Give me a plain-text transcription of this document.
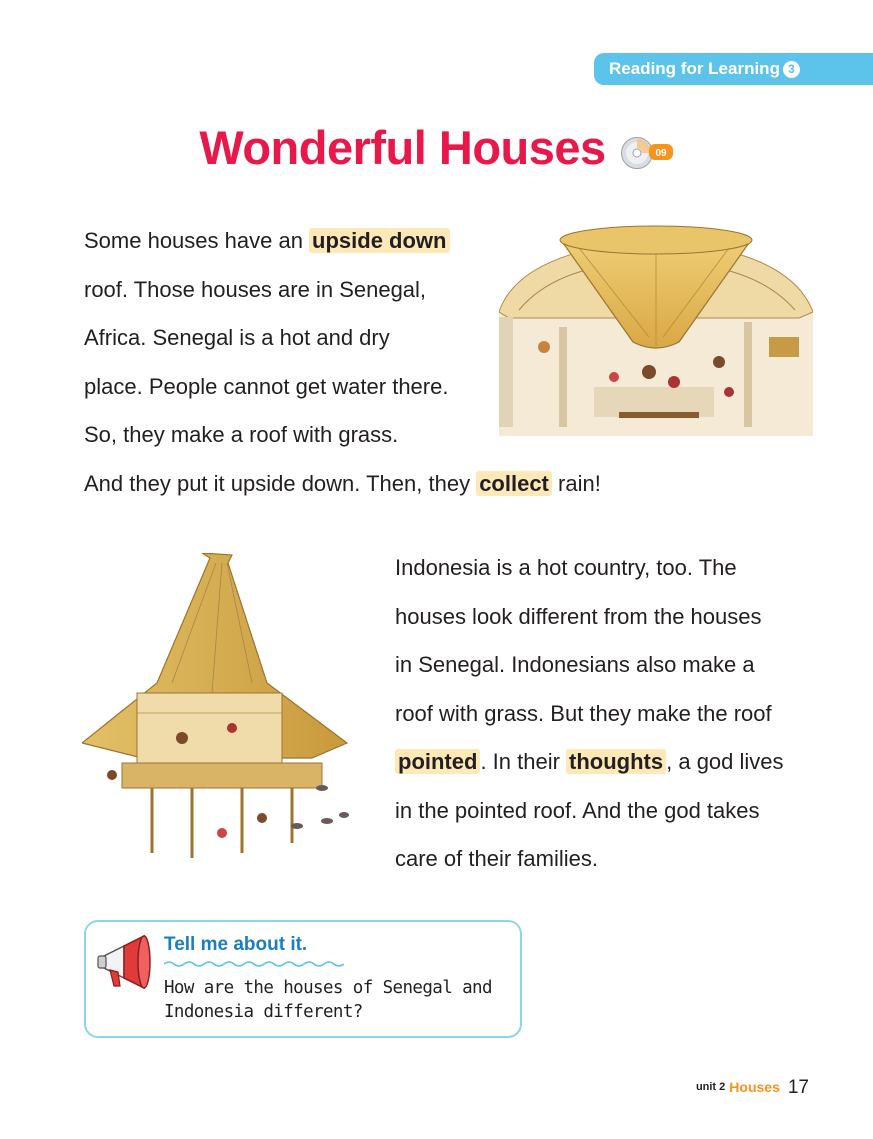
Reading for Learning 3
Wonderful Houses	09
Some houses have an upside down
roof. Those houses are in Senegal,
Africa. Senegal is a hot and dry
place. People cannot get water there.
So, they make a roof with grass.
And they put it upside down. Then, they collect rain!
Indonesia is a hot country, too. The
houses look different from the houses
in Senegal. Indonesians also make a
roof with grass. But they make the roof
pointed . In their thoughts , a god lives
in the pointed roof. And the god takes
care of their families.
Tell me about it.
How are the houses of Senegal and Indonesia different?
unit 2 Houses 17
